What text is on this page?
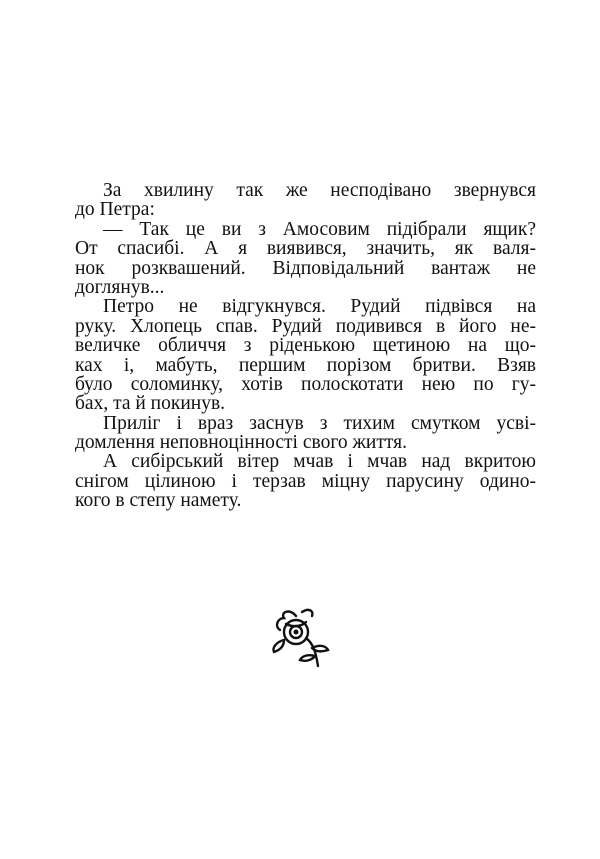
За хвилину так же несподівано звернувся
до Петра:
— Так це ви з Амосовим підібрали ящик?
От спасибі. А я виявився, значить, як валя-
нок розквашений. Відповідальний вантаж не
доглянув...
Петро не відгукнувся. Рудий підвівся на
руку. Хлопець спав. Рудий подивився в його не-
величке обличчя з ріденькою щетиною на що-
ках і, мабуть, першим порізом бритви. Взяв
було соломинку, хотів полоскотати нею по гу-
бах, та й покинув.
Приліг і враз заснув з тихим смутком усві-
домлення неповноцінності свого життя.
А сибірський вітер мчав і мчав над вкритою
снігом цілиною і терзав міцну парусину одино-
кого в степу намету.
